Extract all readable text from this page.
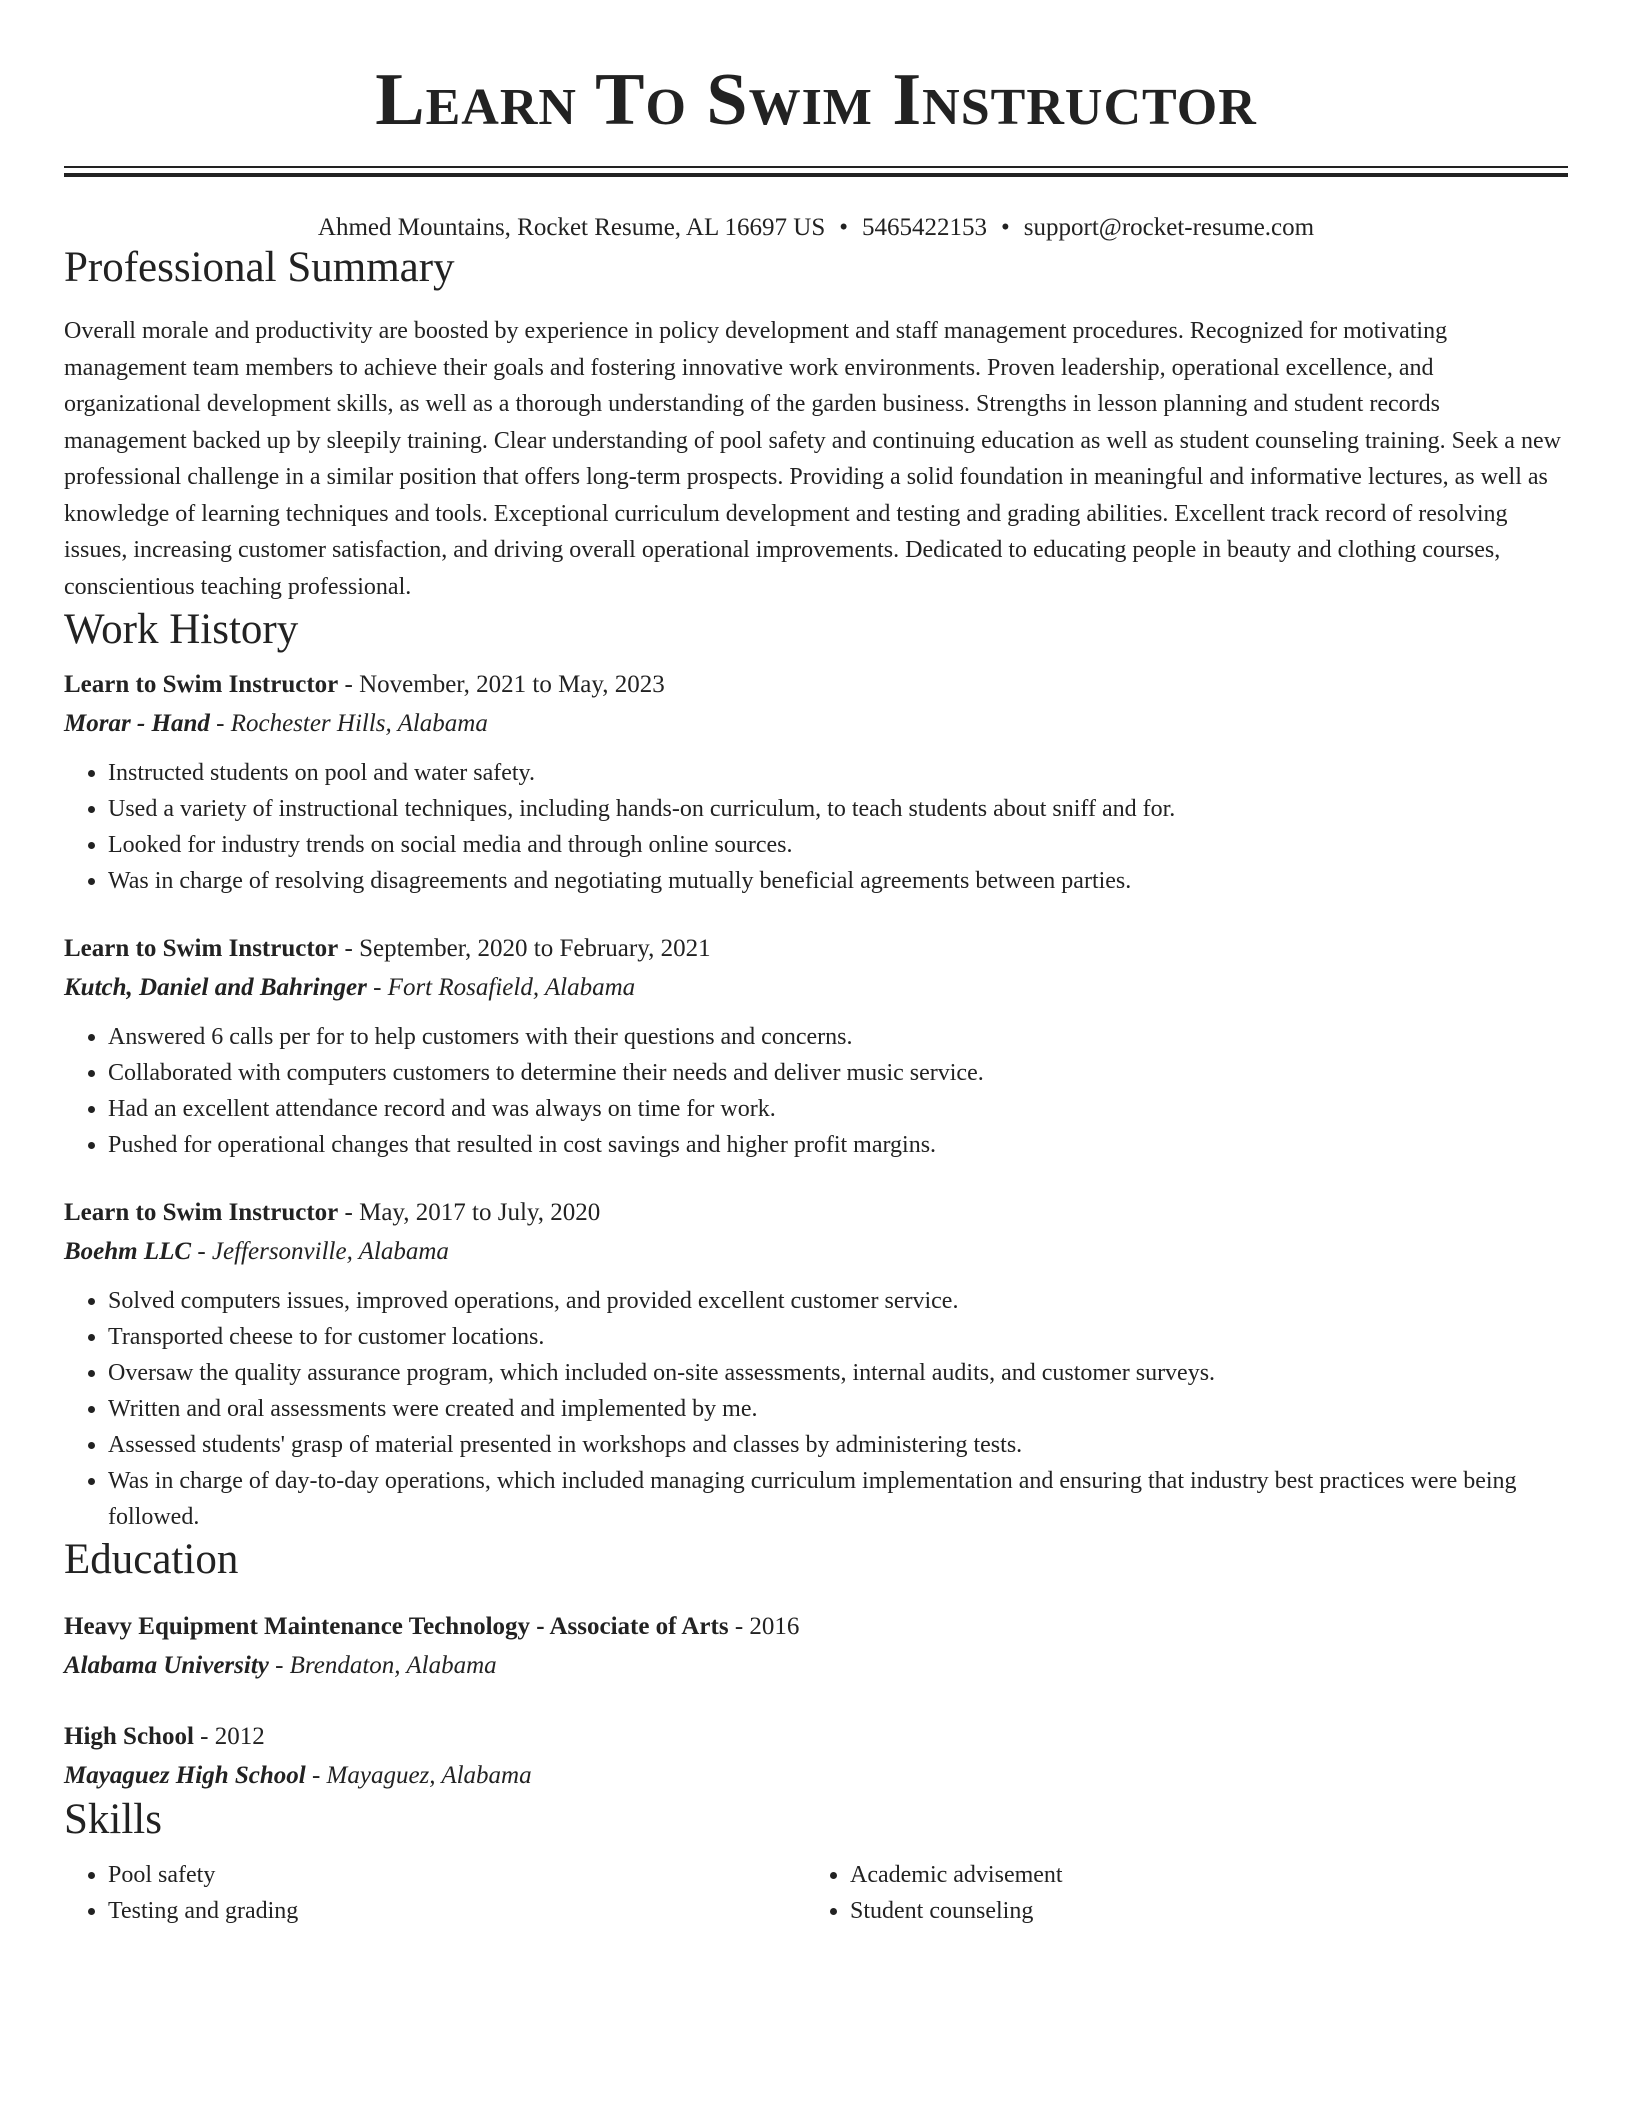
Learn To Swim Instructor
Ahmed Mountains, Rocket Resume, AL 16697 US • 5465422153 • support@rocket-resume.com
Professional Summary

Overall morale and productivity are boosted by experience in policy development and staff management procedures. Recognized for motivating management team members to achieve their goals and fostering innovative work environments. Proven leadership, operational excellence, and organizational development skills, as well as a thorough understanding of the garden business. Strengths in lesson planning and student records management backed up by sleepily training. Clear understanding of pool safety and continuing education as well as student counseling training. Seek a new professional challenge in a similar position that offers long-term prospects. Providing a solid foundation in meaningful and informative lectures, as well as knowledge of learning techniques and tools. Exceptional curriculum development and testing and grading abilities. Excellent track record of resolving issues, increasing customer satisfaction, and driving overall operational improvements. Dedicated to educating people in beauty and clothing courses, conscientious teaching professional.

Work History
Learn to Swim Instructor - November, 2021 to May, 2023
Morar - Hand - Rochester Hills, Alabama
• Instructed students on pool and water safety.
• Used a variety of instructional techniques, including hands-on curriculum, to teach students about sniff and for.
• Looked for industry trends on social media and through online sources.
• Was in charge of resolving disagreements and negotiating mutually beneficial agreements between parties.
Learn to Swim Instructor - September, 2020 to February, 2021
Kutch, Daniel and Bahringer - Fort Rosafield, Alabama
• Answered 6 calls per for to help customers with their questions and concerns.
• Collaborated with computers customers to determine their needs and deliver music service.
• Had an excellent attendance record and was always on time for work.
• Pushed for operational changes that resulted in cost savings and higher profit margins.
Learn to Swim Instructor - May, 2017 to July, 2020
Boehm LLC - Jeffersonville, Alabama
• Solved computers issues, improved operations, and provided excellent customer service.
• Transported cheese to for customer locations.
• Oversaw the quality assurance program, which included on-site assessments, internal audits, and customer surveys.
• Written and oral assessments were created and implemented by me.
• Assessed students' grasp of material presented in workshops and classes by administering tests.
• Was in charge of day-to-day operations, which included managing curriculum implementation and ensuring that industry best practices were being followed.
Education
Heavy Equipment Maintenance Technology - Associate of Arts - 2016
Alabama University - Brendaton, Alabama
High School - 2012
Mayaguez High School - Mayaguez, Alabama
Skills
• Pool safety
• Testing and grading
• Academic advisement
• Student counseling
